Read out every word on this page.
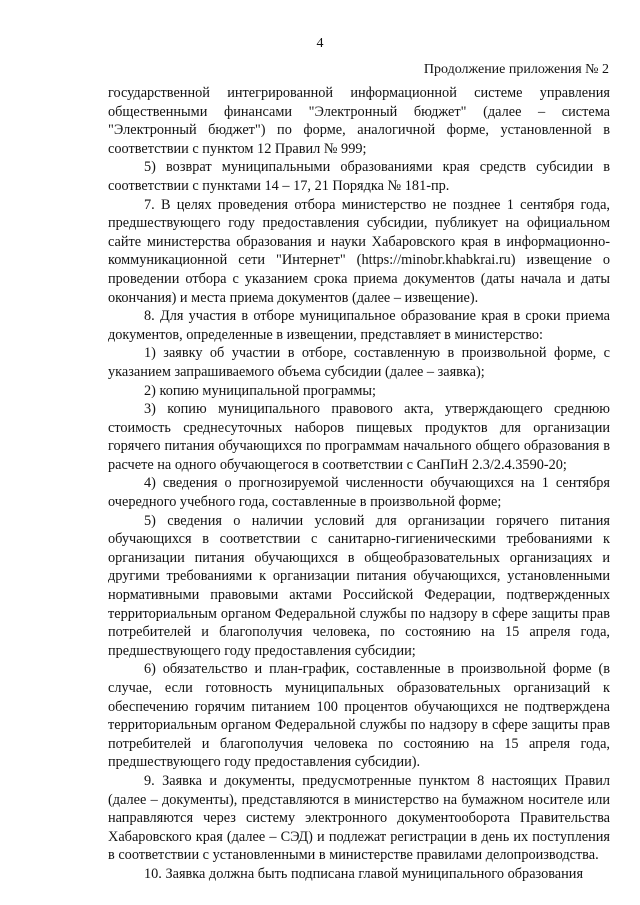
4
Продолжение приложения № 2

государственной интегрированной информационной системе управления общественными финансами "Электронный бюджет" (далее – система "Электронный бюджет") по форме, аналогичной форме, установленной в соответствии с пунктом 12 Правил № 999;

5) возврат муниципальными образованиями края средств субсидии в соответствии с пунктами 14 – 17, 21 Порядка № 181-пр.

7. В целях проведения отбора министерство не позднее 1 сентября года, предшествующего году предоставления субсидии, публикует на официальном сайте министерства образования и науки Хабаровского края в информационно-коммуникационной сети "Интернет" (https://minobr.khabkrai.ru) извещение о проведении отбора с указанием срока приема документов (даты начала и даты окончания) и места приема документов (далее – извещение).

8. Для участия в отборе муниципальное образование края в сроки приема документов, определенные в извещении, представляет в министерство:

1) заявку об участии в отборе, составленную в произвольной форме, с указанием запрашиваемого объема субсидии (далее – заявка);

2) копию муниципальной программы;

3) копию муниципального правового акта, утверждающего среднюю стоимость среднесуточных наборов пищевых продуктов для организации горячего питания обучающихся по программам начального общего образования в расчете на одного обучающегося в соответствии с СанПиН 2.3/2.4.3590-20;

4) сведения о прогнозируемой численности обучающихся на 1 сентября очередного учебного года, составленные в произвольной форме;

5) сведения о наличии условий для организации горячего питания обучающихся в соответствии с санитарно-гигиеническими требованиями к организации питания обучающихся в общеобразовательных организациях и другими требованиями к организации питания обучающихся, установленными нормативными правовыми актами Российской Федерации, подтвержденных территориальным органом Федеральной службы по надзору в сфере защиты прав потребителей и благополучия человека, по состоянию на 15 апреля года, предшествующего году предоставления субсидии;

6) обязательство и план-график, составленные в произвольной форме (в случае, если готовность муниципальных образовательных организаций к обеспечению горячим питанием 100 процентов обучающихся не подтверждена территориальным органом Федеральной службы по надзору в сфере защиты прав потребителей и благополучия человека по состоянию на 15 апреля года, предшествующего году предоставления субсидии).

9. Заявка и документы, предусмотренные пунктом 8 настоящих Правил (далее – документы), представляются в министерство на бумажном носителе или направляются через систему электронного документооборота Правительства Хабаровского края (далее – СЭД) и подлежат регистрации в день их поступления в соответствии с установленными в министерстве правилами делопроизводства.

10. Заявка должна быть подписана главой муниципального образования
